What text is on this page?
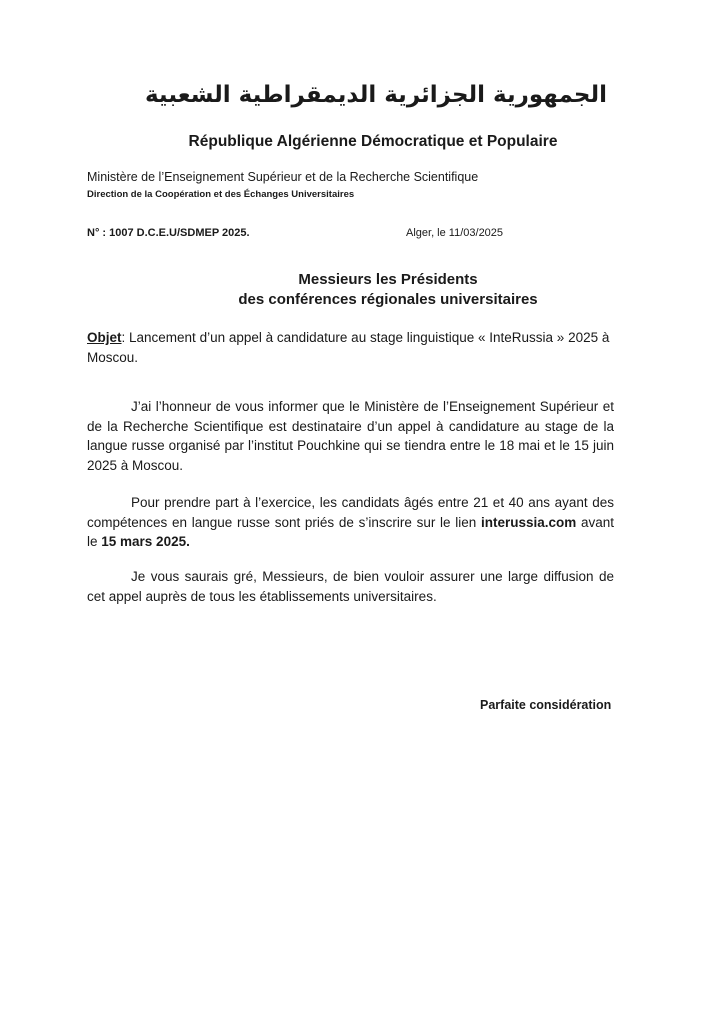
الجمهورية الجزائرية الديمقراطية الشعبية
République Algérienne Démocratique et Populaire
Ministère de l’Enseignement Supérieur et de la Recherche Scientifique
Direction de la Coopération et des Échanges Universitaires
N° : 1007 D.C.E.U/SDMEP 2025.	Alger, le 11/03/2025
Messieurs les Présidents
des conférences régionales universitaires
Objet: Lancement d’un appel à candidature au stage linguistique « InteRussia » 2025 à Moscou.
J’ai l’honneur de vous informer que le Ministère de l’Enseignement Supérieur et de la Recherche Scientifique est destinataire d’un appel à candidature au stage de la langue russe organisé par l’institut Pouchkine qui se tiendra entre le 18 mai et le 15 juin 2025 à Moscou.
Pour prendre part à l’exercice, les candidats âgés entre 21 et 40 ans ayant des compétences en langue russe sont priés de s’inscrire sur le lien interussia.com avant le 15 mars 2025.
Je vous saurais gré, Messieurs, de bien vouloir assurer une large diffusion de cet appel auprès de tous les établissements universitaires.
Parfaite considération
